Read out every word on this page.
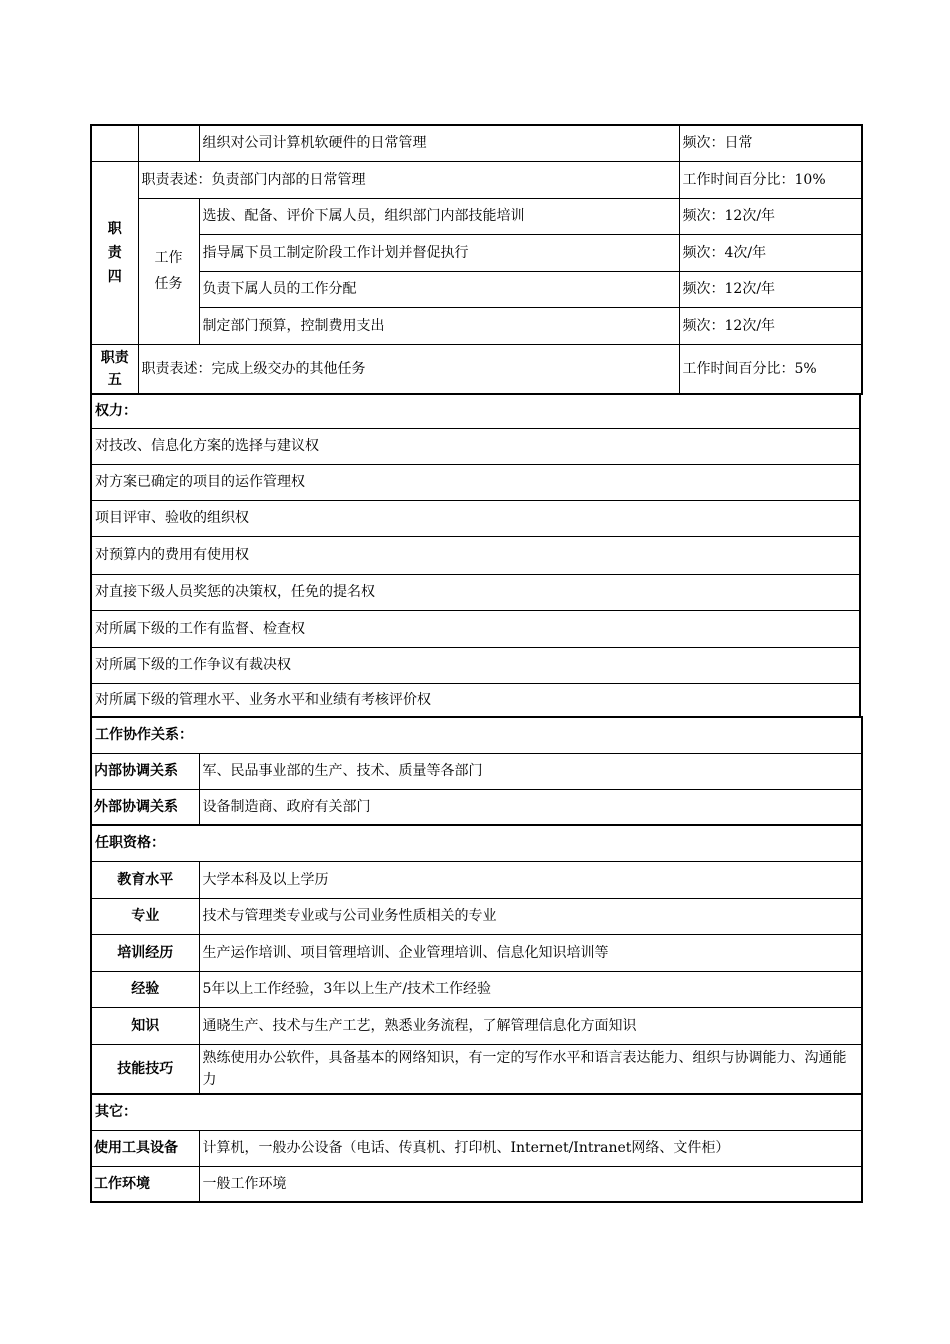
		组织对公司计算机软硬件的日常管理	频次：日常
职责四	职责表述：负责部门内部的日常管理		工作时间百分比：10%
	工作任务	选拔、配备、评价下属人员，组织部门内部技能培训	频次：12次/年
		指导属下员工制定阶段工作计划并督促执行	频次：4次/年
		负责下属人员的工作分配	频次：12次/年
		制定部门预算，控制费用支出	频次：12次/年
职责五	职责表述：完成上级交办的其他任务		工作时间百分比：5%
权力：
对技改、信息化方案的选择与建议权
对方案已确定的项目的运作管理权
项目评审、验收的组织权
对预算内的费用有使用权
对直接下级人员奖惩的决策权，任免的提名权
对所属下级的工作有监督、检查权
对所属下级的工作争议有裁决权
对所属下级的管理水平、业务水平和业绩有考核评价权
工作协作关系：	
内部协调关系	军、民品事业部的生产、技术、质量等各部门
外部协调关系	设备制造商、政府有关部门
任职资格：	
教育水平	大学本科及以上学历
专业	技术与管理类专业或与公司业务性质相关的专业
培训经历	生产运作培训、项目管理培训、企业管理培训、信息化知识培训等
经验	5年以上工作经验，3年以上生产/技术工作经验
知识	通晓生产、技术与生产工艺，熟悉业务流程，了解管理信息化方面知识
技能技巧	熟练使用办公软件，具备基本的网络知识，有一定的写作水平和语言表达能力、组织与协调能力、沟通能力
其它：	
使用工具设备	计算机，一般办公设备（电话、传真机、打印机、Internet/Intranet网络、文件柜）
工作环境	一般工作环境
